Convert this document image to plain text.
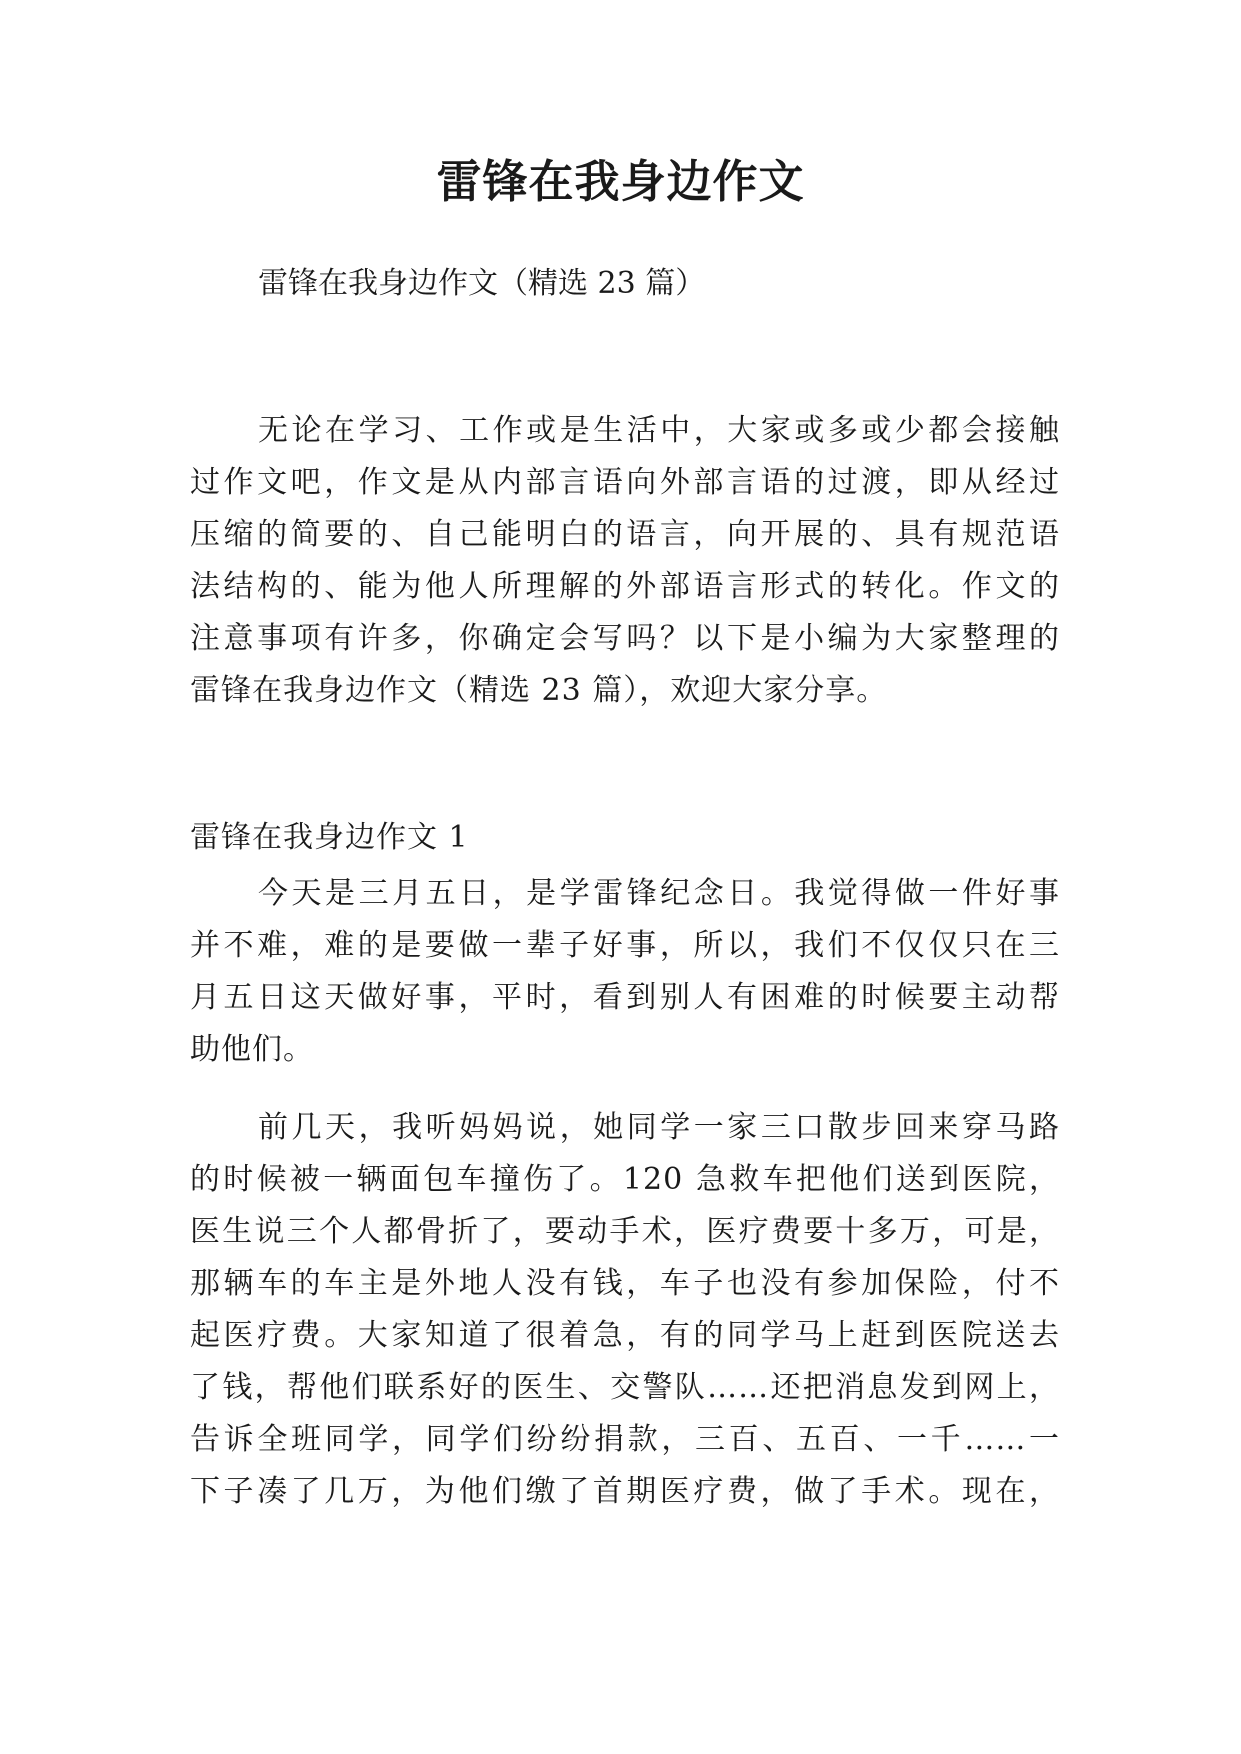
雷锋在我身边作文

雷锋在我身边作文（精选 23 篇）

无论在学习、工作或是生活中，大家或多或少都会接触
过作文吧，作文是从内部言语向外部言语的过渡，即从经过
压缩的简要的、自己能明白的语言，向开展的、具有规范语
法结构的、能为他人所理解的外部语言形式的转化。作文的
注意事项有许多，你确定会写吗？以下是小编为大家整理的
雷锋在我身边作文（精选 23 篇），欢迎大家分享。
雷锋在我身边作文 1
今天是三月五日，是学雷锋纪念日。我觉得做一件好事
并不难，难的是要做一辈子好事，所以，我们不仅仅只在三
月五日这天做好事，平时，看到别人有困难的时候要主动帮
助他们。
前几天，我听妈妈说，她同学一家三口散步回来穿马路
的时候被一辆面包车撞伤了。120 急救车把他们送到医院，
医生说三个人都骨折了，要动手术，医疗费要十多万，可是，
那辆车的车主是外地人没有钱，车子也没有参加保险，付不
起医疗费。大家知道了很着急，有的同学马上赶到医院送去
了钱，帮他们联系好的医生、交警队……还把消息发到网上，
告诉全班同学，同学们纷纷捐款，三百、五百、一千……一
下子凑了几万，为他们缴了首期医疗费，做了手术。现在，
